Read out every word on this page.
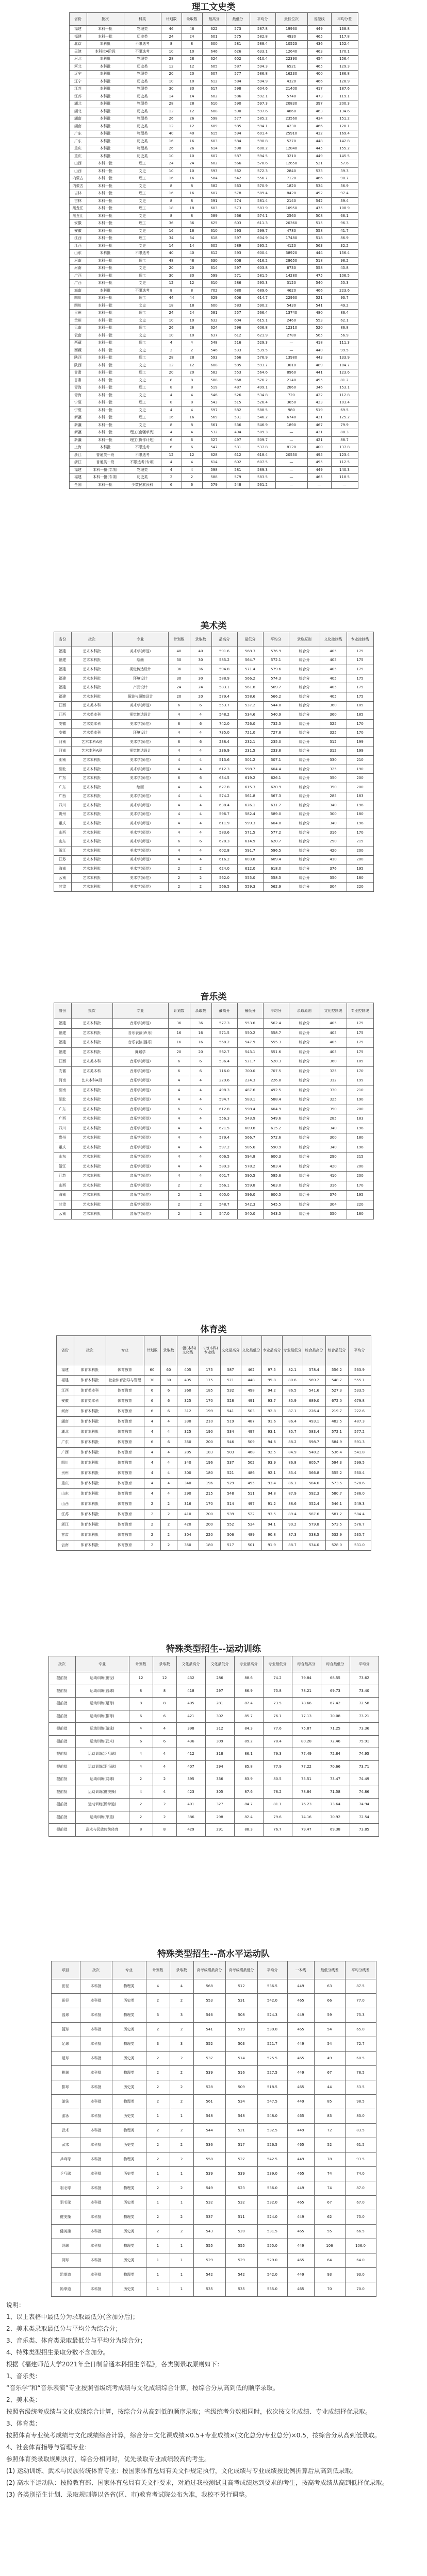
理工文史类
省份	批次	科类	计划数	录取数	最高分	最低分	平均分	最低位次	省控线	平均分差
福建	本科一批	物理类	46	46	622	573	587.8	19960	449	138.8
福建	本科一批	历史类	24	24	601	575	582.8	4930	465	117.8
北京	本科批	不限选考	8	8	600	581	588.4	10523	436	152.4
天津	本科批A阶段	不限选考	10	10	646	626	633.1	12640	463	170.1
河北	本科批	物理类	28	28	624	602	610.4	22390	454	156.4
河北	本科批	历史类	12	12	605	587	594.3	6521	465	129.3
辽宁	本科批	物理类	20	20	607	577	586.8	16230	400	186.8
辽宁	本科批	历史类	10	10	612	584	594.9	4320	466	128.9
江苏	本科批	物理类	30	30	617	598	604.6	21400	417	187.6
江苏	本科批	历史类	14	14	602	586	592.1	5740	473	119.1
湖北	本科批	物理类	28	28	610	590	597.3	20830	397	200.3
湖北	本科批	历史类	12	12	608	590	597.6	4860	463	134.6
湖南	本科批	物理类	26	26	598	577	585.2	23560	434	151.2
湖南	本科批	历史类	12	12	609	585	594.1	4230	466	128.1
广东	本科批	物理类	40	40	615	594	601.4	25910	432	169.4
广东	本科批	历史类	16	16	603	584	590.8	5270	448	142.8
重庆	本科批	物理类	26	26	614	590	600.2	12840	445	155.2
重庆	本科批	历史类	10	10	607	587	594.5	3210	449	145.5
山西	本科一批	理工	24	24	602	566	578.6	12650	521	57.6
山西	本科一批	文史	10	10	593	562	572.3	2840	533	39.3
内蒙古	本科一批	理工	16	16	584	542	556.7	7120	466	90.7
内蒙古	本科一批	文史	8	8	582	563	570.9	1820	534	36.9
吉林	本科一批	理工	16	16	607	578	589.4	8420	492	97.4
吉林	本科一批	文史	8	8	591	574	581.4	2140	542	39.4
黑龙江	本科一批	理工	18	18	603	573	583.9	10950	475	108.9
黑龙江	本科一批	文史	8	8	589	566	574.1	2560	508	66.1
安徽	本科一批	理工	36	36	625	603	611.3	20360	515	96.3
安徽	本科一批	文史	16	16	610	593	599.7	4780	558	41.7
江西	本科一批	理工	34	34	618	597	604.9	17480	518	86.9
江西	本科一批	文史	14	14	605	589	595.2	4120	563	32.2
山东	本科批	不限选考	40	40	612	593	600.4	38920	444	156.4
河南	本科一批	理工	48	48	630	608	616.2	28650	518	98.2
河南	本科一批	文史	20	20	614	597	603.8	6730	558	45.8
广西	本科一批	理工	30	30	599	571	581.5	14280	475	106.5
广西	本科一批	文史	12	12	610	586	595.3	3120	540	55.3
海南	本科批	不限选考	8	8	702	680	689.6	4620	466	223.6
四川	本科一批	理工	44	44	629	606	614.7	22960	521	93.7
四川	本科一批	文史	18	18	600	583	590.2	5430	541	49.2
贵州	本科一批	理工	24	24	581	557	566.4	13740	480	86.4
贵州	本科一批	文史	10	10	632	604	615.1	2460	553	62.1
云南	本科一批	理工	26	26	624	596	606.8	12310	520	86.8
云南	本科一批	文史	10	10	637	612	621.9	2780	565	56.9
西藏	本科一批	理工	4	4	548	516	529.3	—	418	111.3
西藏	本科一批	文史	2	2	546	533	539.5	—	440	99.5
陕西	本科一批	理工	28	28	593	566	576.9	13980	443	133.9
陕西	本科一批	文史	12	12	608	585	593.7	3010	489	104.7
甘肃	本科一批	理工	20	20	582	553	564.6	8960	441	123.6
甘肃	本科一批	文史	8	8	588	568	576.2	2140	495	81.2
青海	本科一批	理工	8	8	519	487	499.1	2860	346	153.1
青海	本科一批	文史	4	4	546	526	534.8	720	422	112.8
宁夏	本科一批	理工	8	8	543	515	526.4	3650	423	103.4
宁夏	本科一批	文史	4	4	597	582	588.5	980	519	69.5
新疆	本科一批	理工	16	16	569	531	546.2	6740	421	125.2
新疆	本科一批	文史	8	8	561	536	546.9	1890	467	79.9
新疆	本科一批	理工(南疆单列)	4	4	532	494	509.3	—	421	88.3
新疆	本科一批	理工(协作计划)	6	6	527	497	509.7	—	421	88.7
上海	本科批	不限选考	6	6	547	531	537.8	8120	400	137.8
浙江	普通类一段	不限选考	12	12	628	612	618.4	20530	495	123.4
浙江	普通类一段	不限选考(专项)	4	4	614	602	607.5	—	495	112.5
福建	本科一批(专项)	物理类	4	4	598	581	589.3	—	449	140.3
福建	本科一批(专项)	历史类	2	2	588	579	583.5	—	465	118.5
全国	本科一批	少数民族预科	6	6	579	548	561.2	—	—	—
美术类
省份	批次	专业	计划数	录取数	最高分	最低分	平均分	录取原则	文化控制线	专业控制线
福建	艺术本科批	美术学(师范)	40	40	591.6	568.3	576.9	综合分	405	175
福建	艺术本科批	绘画	30	30	585.2	564.7	572.1	综合分	405	175
福建	艺术本科批	视觉传达设计	36	36	594.8	571.4	579.6	综合分	405	175
福建	艺术本科批	环境设计	30	30	588.9	566.2	574.3	综合分	405	175
福建	艺术本科批	产品设计	24	24	583.1	561.8	569.7	综合分	405	175
福建	艺术本科批	服装与服饰设计	20	20	579.4	558.6	566.2	综合分	405	175
江西	艺术类本科	美术学(师范)	6	6	553.7	537.2	544.8	综合分	360	185
江西	艺术类本科	视觉传达设计	4	4	548.2	534.6	540.9	综合分	360	185
安徽	艺术类本科	美术学(师范)	6	6	742.0	726.0	732.5	综合分	325	170
安徽	艺术类本科	环境设计	4	4	735.0	721.0	727.8	综合分	325	170
河南	艺术本科A段	美术学(师范)	6	6	238.4	232.1	235.0	综合分	312	199
河南	艺术本科A段	视觉传达设计	4	4	236.9	231.5	233.8	综合分	312	199
湖南	艺术本科批	美术学(师范)	4	4	513.6	501.2	507.1	综合分	330	210
湖北	艺术本科批	美术学(师范)	4	4	612.3	598.7	604.4	综合分	325	190
广东	艺术本科批	美术学(师范)	6	6	634.5	619.2	626.1	综合分	350	200
广东	艺术本科批	绘画	4	4	627.8	615.3	620.9	综合分	350	200
广西	艺术本科批	美术学(师范)	4	4	574.2	561.8	567.3	综合分	285	183
四川	艺术本科批	美术学(师范)	4	4	638.4	626.1	631.7	综合分	340	196
贵州	艺术本科批	美术学(师范)	4	4	596.7	582.4	589.0	综合分	300	180
重庆	艺术本科批	美术学(师范)	4	4	611.9	599.3	604.8	综合分	340	196
山西	艺术本科批	美术学(师范)	4	4	583.6	571.5	577.2	综合分	316	170
山东	艺术本科批	美术学(师范)	6	6	628.3	614.9	620.7	综合分	290	215
浙江	艺术本科批	美术学(师范)	4	4	602.8	591.7	596.5	综合分	420	200
江苏	艺术本科批	美术学(师范)	4	4	616.2	603.8	609.4	综合分	410	200
海南	艺术本科批	美术学(师范)	2	2	624.0	612.0	618.0	综合分	376	195
云南	艺术本科批	美术学(师范)	2	2	562.0	555.0	558.5	综合分	350	180
甘肃	艺术本科批	美术学(师范)	2	2	566.5	559.3	562.9	综合分	304	220
音乐类
省份	批次	专业	计划数	录取数	最高分	最低分	平均分	录取原则	文化控制线	专业控制线
福建	艺术本科批	音乐学(师范)	36	36	577.3	553.6	562.4	综合分	405	175
福建	艺术本科批	音乐表演(声乐)	16	16	571.5	550.2	558.7	综合分	405	175
福建	艺术本科批	音乐表演(器乐)	16	16	568.2	547.9	555.3	综合分	405	175
福建	艺术本科批	舞蹈学	20	20	562.7	543.1	551.6	综合分	405	175
江西	艺术类本科	音乐学(师范)	6	6	536.4	521.7	528.3	综合分	360	185
安徽	艺术类本科	音乐学(师范)	6	6	716.0	700.0	707.5	综合分	325	170
河南	艺术本科A段	音乐学(师范)	4	4	229.6	224.3	226.8	综合分	312	199
湖南	艺术本科批	音乐学(师范)	4	4	498.3	487.6	492.5	综合分	330	210
湖北	艺术本科批	音乐学(师范)	4	4	594.7	583.1	588.4	综合分	325	190
广东	艺术本科批	音乐学(师范)	6	6	612.8	598.4	604.9	综合分	350	200
广西	艺术本科批	音乐学(师范)	4	4	556.3	543.9	549.6	综合分	285	183
四川	艺术本科批	音乐学(师范)	4	4	621.5	609.8	615.2	综合分	340	196
贵州	艺术本科批	音乐学(师范)	4	4	579.4	566.7	572.6	综合分	300	180
重庆	艺术本科批	音乐学(师范)	4	4	597.2	585.6	590.9	综合分	340	196
山东	艺术本科批	音乐学(师范)	4	4	606.5	594.8	600.3	综合分	290	215
浙江	艺术本科批	音乐学(师范)	4	4	589.3	578.2	583.4	综合分	420	200
江苏	艺术本科批	音乐学(师范)	4	4	601.7	590.5	595.6	综合分	410	200
山西	艺术本科批	音乐学(师范)	2	2	566.1	559.8	563.0	综合分	316	170
海南	艺术本科批	音乐学(师范)	2	2	605.0	596.0	600.5	综合分	376	195
甘肃	艺术本科批	音乐学(师范)	2	2	548.7	542.3	545.5	综合分	304	220
云南	艺术本科批	音乐学(师范)	2	2	547.0	540.0	543.5	综合分	350	180
体育类
省份	批次	专业	计划数	录取数	一批(本科)文化线	一批(本科)专业线	文化最高分	文化最低分	专业最高分	专业最低分	综合最高分	综合最低分	平均分
福建	体育本科批	体育教育	60	60	405	175	587	462	97.5	82.1	578.4	556.2	563.9
福建	体育本科批	社会体育指导与管理	30	30	405	175	571	448	95.8	80.6	569.2	548.7	555.1
江西	体育类本科	体育教育	6	6	360	185	532	498	94.2	86.5	541.6	527.3	533.5
安徽	体育类本科	体育教育	6	6	325	170	528	491	93.7	85.9	689.0	672.0	679.8
河南	体育本科批	体育教育	6	6	312	199	541	503	92.8	87.1	226.4	219.7	222.6
湖南	体育本科批	体育教育	4	4	330	210	519	487	91.6	86.4	493.1	482.5	487.3
湖北	体育本科批	体育教育	4	4	325	190	534	497	93.1	85.7	583.4	572.1	577.2
广东	体育本科批	体育教育	6	6	350	200	546	509	94.6	88.2	598.7	584.9	591.3
广西	体育本科批	体育教育	4	4	285	183	503	468	92.5	84.9	548.2	536.4	541.8
四川	体育本科批	体育教育	4	4	340	196	537	502	93.9	86.8	605.7	594.3	599.5
贵州	体育本科批	体育教育	4	4	300	180	521	486	92.1	85.4	566.8	555.2	560.4
重庆	体育本科批	体育教育	4	4	340	196	529	495	93.4	86.1	584.6	573.5	578.6
山东	体育本科批	体育教育	4	4	290	215	548	511	94.8	87.9	592.3	580.7	586.0
山西	体育本科批	体育教育	2	2	316	170	514	497	91.2	88.6	552.4	546.1	549.3
江苏	体育本科批	体育教育	2	2	410	200	539	522	93.5	89.4	587.6	581.2	584.4
浙江	体育本科批	体育教育	2	2	420	200	552	534	94.1	90.2	579.8	573.5	576.7
甘肃	体育本科批	体育教育	2	2	304	220	506	489	90.8	87.3	538.5	532.9	535.7
云南	体育本科批	体育教育	2	2	350	180	517	501	91.9	88.7	534.0	528.0	531.0
特殊类型招生--运动训练
批次	专业	计划数	录取数	文化最高分	文化最低分	专业最高分	专业最低分	综合最高分	综合最低分	平均分
提前批	运动训练(田径)	12	12	432	286	88.6	74.2	79.84	68.55	73.62
提前批	运动训练(篮球)	8	8	418	297	86.9	75.8	78.21	69.73	73.40
提前批	运动训练(足球)	8	8	405	281	87.4	73.5	78.66	67.42	72.58
提前批	运动训练(排球)	6	6	421	302	85.7	76.1	77.13	70.08	73.21
提前批	运动训练(游泳)	4	4	398	312	84.3	77.6	75.87	71.25	73.36
提前批	运动训练(武术)	6	6	436	309	89.2	78.4	80.28	72.46	75.91
提前批	运动训练(乒乓球)	4	4	412	318	86.1	79.3	77.49	72.84	74.95
提前批	运动训练(羽毛球)	4	4	407	294	85.8	77.9	77.22	70.66	73.71
提前批	运动训练(网球)	2	2	395	336	83.9	80.5	75.51	73.47	74.49
提前批	运动训练(健美操)	4	4	423	305	87.6	78.2	78.84	71.58	74.86
提前批	运动训练(跆拳道)	2	2	401	327	84.7	81.1	76.23	73.64	74.94
提前批	运动训练(举重)	2	2	386	298	82.4	79.6	74.16	70.92	72.54
提前批	武术与民族传统体育	8	8	429	291	88.3	76.7	79.47	69.38	73.85
特殊类型招生--高水平运动队
项目	批次	专业	计划数	录取数	高考成绩最高分	高考成绩最低分	平均分	一本线	最低分线差	平均分线差
田径	本科批	物理类	4	4	568	512	536.5	449	63	87.5
田径	本科批	历史类	2	2	553	531	542.0	465	66	77.0
篮球	本科批	物理类	3	3	546	508	524.3	449	59	75.3
篮球	本科批	历史类	2	2	541	519	530.0	465	54	65.0
足球	本科批	物理类	3	3	552	503	521.7	449	54	72.7
足球	本科批	历史类	2	2	537	514	525.5	465	49	60.5
排球	本科批	物理类	2	2	539	516	527.5	449	67	78.5
排球	本科批	历史类	2	2	528	509	518.5	465	44	53.5
游泳	本科批	物理类	2	2	561	534	547.5	449	85	98.5
游泳	本科批	历史类	1	1	548	548	548.0	465	83	83.0
武术	本科批	物理类	2	2	544	521	532.5	449	72	83.5
武术	本科批	历史类	2	2	536	517	526.5	465	52	61.5
乒乓球	本科批	物理类	2	2	558	527	542.5	449	78	93.5
乒乓球	本科批	历史类	1	1	539	539	539.0	465	74	74.0
羽毛球	本科批	物理类	2	2	549	523	536.0	449	74	87.0
羽毛球	本科批	历史类	1	1	532	532	532.0	465	67	67.0
健美操	本科批	物理类	2	2	537	511	524.0	449	62	75.0
健美操	本科批	历史类	2	2	543	520	531.5	465	55	66.5
网球	本科批	物理类	1	1	555	555	555.0	449	106	106.0
网球	本科批	历史类	1	1	529	529	529.0	465	64	64.0
跆拳道	本科批	物理类	1	1	542	542	542.0	449	93	93.0
跆拳道	本科批	历史类	1	1	535	535	535.0	465	70	70.0

说明：

1、以上表格中最低分为录取最低分(含加分后)；

2、美术类录取最低分与平均分为综合分；

3、音乐类、体育类录取最低分与平均分为综合分；

4、特殊类型招生录取分数不含加分。

根据《福建师范大学2021年全日制普通本科招生章程》，各类别录取原则如下：

1、音乐类：

“音乐学”和“音乐表演”专业按照省级统考成绩与文化成绩综合计算，按综合分从高到低的顺序录取。

2、美术类：

按照省级统考成绩与文化成绩综合计算，按综合分从高到低的顺序录取；省级统考分数相同时，依次按文化成绩、专业成绩择优录取。

3、体育类：

按照体育专业统考成绩与文化成绩综合计算，综合分=文化课成绩×0.5+专业成绩×(文化总分/专业总分)×0.5，按综合分从高到低录取。

4、社会体育指导与管理专业：

参照体育类录取规则执行，综合分相同时，优先录取专业成绩较高的考生。

(1) 运动训练、武术与民族传统体育专业：按国家体育总局有关文件规定执行，文化成绩与专业成绩按比例折算后从高到低录取。

(2) 高水平运动队：按照教育部、国家体育总局有关文件要求，对通过我校测试且高考成绩达到要求的考生，按高考成绩从高到低择优录取。

(3) 各类别招生计划、录取规则等以各省(区、市)教育考试院公布为准，我校不另行调整。
